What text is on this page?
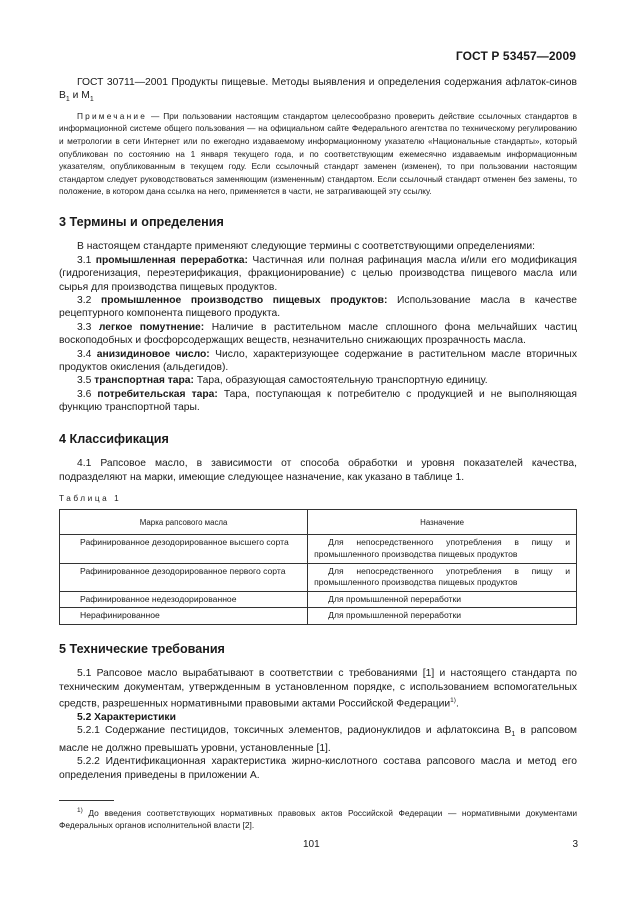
ГОСТ Р 53457—2009

ГОСТ 30711—2001 Продукты пищевые. Методы выявления и определения содержания афлаток-синов $В_1$ и $М_1$

Примечание — При пользовании настоящим стандартом целесообразно проверить действие ссылочных стандартов в информационной системе общего пользования — на официальном сайте Федерального агентства по техническому регулированию и метрологии в сети Интернет или по ежегодно издаваемому информационному указателю «Национальные стандарты», который опубликован по состоянию на 1 января текущего года, и по соответствующим ежемесячно издаваемым информационным указателям, опубликованным в текущем году. Если ссылочный стандарт заменен (изменен), то при пользовании настоящим стандартом следует руководствоваться заменяющим (измененным) стандартом. Если ссылочный стандарт отменен без замены, то положение, в котором дана ссылка на него, применяется в части, не затрагивающей эту ссылку.

3 Термины и определения

В настоящем стандарте применяют следующие термины с соответствующими определениями:

3.1 промышленная переработка: Частичная или полная рафинация масла и/или его модификация (гидрогенизация, переэтерификация, фракционирование) с целью производства пищевого масла или сырья для производства пищевых продуктов.

3.2 промышленное производство пищевых продуктов: Использование масла в качестве рецептурного компонента пищевого продукта.

3.3 легкое помутнение: Наличие в растительном масле сплошного фона мельчайших частиц воскоподобных и фосфорсодержащих веществ, незначительно снижающих прозрачность масла.

3.4 анизидиновое число: Число, характеризующее содержание в растительном масле вторичных продуктов окисления (альдегидов).

3.5 транспортная тара: Тара, образующая самостоятельную транспортную единицу.

3.6 потребительская тара: Тара, поступающая к потребителю с продукцией и не выполняющая функцию транспортной тары.

4 Классификация

4.1 Рапсовое масло, в зависимости от способа обработки и уровня показателей качества, подразделяют на марки, имеющие следующее назначение, как указано в таблице 1.

Таблица 1
Марка рапсового масла	Назначение
Рафинированное дезодорированное высшего сорта	Для непосредственного употребления в пищу и промышленного производства пищевых продуктов
Рафинированное дезодорированное первого сорта	Для непосредственного употребления в пищу и промышленного производства пищевых продуктов
Рафинированное недезодорированное	Для промышленной переработки
Нерафинированное	Для промышленной переработки
5 Технические требования

5.1 Рапсовое масло вырабатывают в соответствии с требованиями [1] и настоящего стандарта по техническим документам, утвержденным в установленном порядке, с использованием вспомогательных средств, разрешенных нормативными правовыми актами Российской Федерации$^{1)}$.

5.2 Характеристики

5.2.1 Содержание пестицидов, токсичных элементов, радионуклидов и афлатоксина $В_1$ в рапсовом масле не должно превышать уровни, установленные [1].

5.2.2 Идентификационная характеристика жирно-кислотного состава рапсового масла и метод его определения приведены в приложении А.

$^{1)}$ До введения соответствующих нормативных правовых актов Российской Федерации — нормативными документами Федеральных органов исполнительной власти [2].

101	3
